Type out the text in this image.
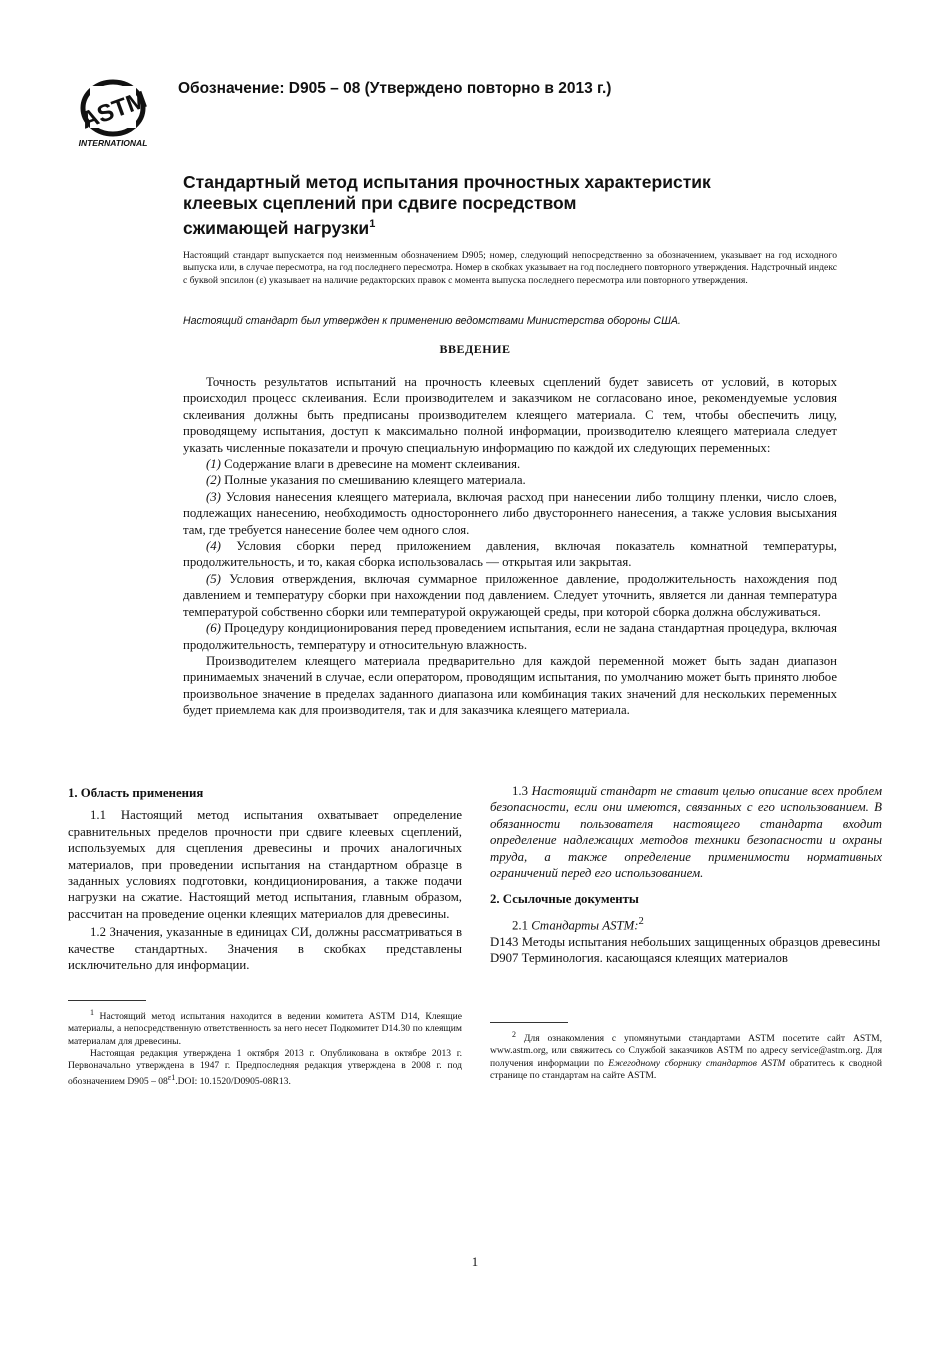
ASTM
INTERNATIONAL
Обозначение: D905 – 08 (Утверждено повторно в 2013 г.)
Стандартный метод испытания прочностных характеристик
клеевых сцеплений при сдвиге посредством
сжимающей нагрузки$^1$
Настоящий стандарт выпускается под неизменным обозначением D905; номер, следующий непосредственно за обозначением, указывает на год исходного выпуска или, в случае пересмотра, на год последнего пересмотра. Номер в скобках указывает на год последнего повторного утверждения. Надстрочный индекс с буквой эпсилон (ε) указывает на наличие редакторских правок с момента выпуска последнего пересмотра или повторного утверждения.
Настоящий стандарт был утвержден к применению ведомствами Министерства обороны США.
ВВЕДЕНИЕ

Точность результатов испытаний на прочность клеевых сцеплений будет зависеть от условий, в которых происходил процесс склеивания. Если производителем и заказчиком не согласовано иное, рекомендуемые условия склеивания должны быть предписаны производителем клеящего материала. С тем, чтобы обеспечить лицу, проводящему испытания, доступ к максимально полной информации, производителю клеящего материала следует указать численные показатели и прочую специальную информацию по каждой их следующих переменных:

(1) Содержание влаги в древесине на момент склеивания.

(2) Полные указания по смешиванию клеящего материала.

(3) Условия нанесения клеящего материала, включая расход при нанесении либо толщину пленки, число слоев, подлежащих нанесению, необходимость одностороннего либо двустороннего нанесения, а также условия высыхания там, где требуется нанесение более чем одного слоя.

(4) Условия сборки перед приложением давления, включая показатель комнатной температуры, продолжительность, и то, какая сборка использовалась — открытая или закрытая.

(5) Условия отверждения, включая суммарное приложенное давление, продолжительность нахождения под давлением и температуру сборки при нахождении под давлением. Следует уточнить, является ли данная температура температурой собственно сборки или температурой окружающей среды, при которой сборка должна обслуживаться.

(6) Процедуру кондиционирования перед проведением испытания, если не задана стандартная процедура, включая продолжительность, температуру и относительную влажность.

Производителем клеящего материала предварительно для каждой переменной может быть задан диапазон принимаемых значений в случае, если оператором, проводящим испытания, по умолчанию может быть принято любое произвольное значение в пределах заданного диапазона или комбинация таких значений для нескольких переменных будет приемлема как для производителя, так и для заказчика клеящего материала.

1. Область применения

1.1 Настоящий метод испытания охватывает определение сравнительных пределов прочности при сдвиге клеевых сцеплений, используемых для сцепления древесины и прочих аналогичных материалов, при проведении испытания на стандартном образце в заданных условиях подготовки, кондиционирования, а также подачи нагрузки на сжатие. Настоящий метод испытания, главным образом, рассчитан на проведение оценки клеящих материалов для древесины.

1.2 Значения, указанные в единицах СИ, должны рассматриваться в качестве стандартных. Значения в скобках представлены исключительно для информации.

$^1$ Настоящий метод испытания находится в ведении комитета ASTM D14, Клеящие материалы, а непосредственную ответственность за него несет Подкомитет D14.30 по клеящим материалам для древесины.

Настоящая редакция утверждена 1 октября 2013 г. Опубликована в октябре 2013 г. Первоначально утверждена в 1947 г. Предпоследняя редакция утверждена в 2008 г. под обозначением $D905 - 08^{\varepsilon 1}.DOI$: 10.1520/D0905-08R13.

1.3 Настоящий стандарт не ставит целью описание всех проблем безопасности, если они имеются, связанных с его использованием. В обязанности пользователя настоящего стандарта входит определение надлежащих методов техники безопасности и охраны труда, а также определение применимости нормативных ограничений перед его использованием.

2. Ссылочные документы

2.1 Стандарты ASTM:$^2$

D143 Методы испытания небольших защищенных образцов древесины

D907 Терминология. касающаяся клеящих материалов

$^2$ Для ознакомления с упомянутыми стандартами ASTM посетите сайт ASTM, www.astm.org, или свяжитесь со Службой заказчиков ASTM по адресу service@astm.org. Для получения информации по Ежегодному сборнику стандартов ASTM обратитесь к сводной странице по стандартам на сайте ASTM.

1
